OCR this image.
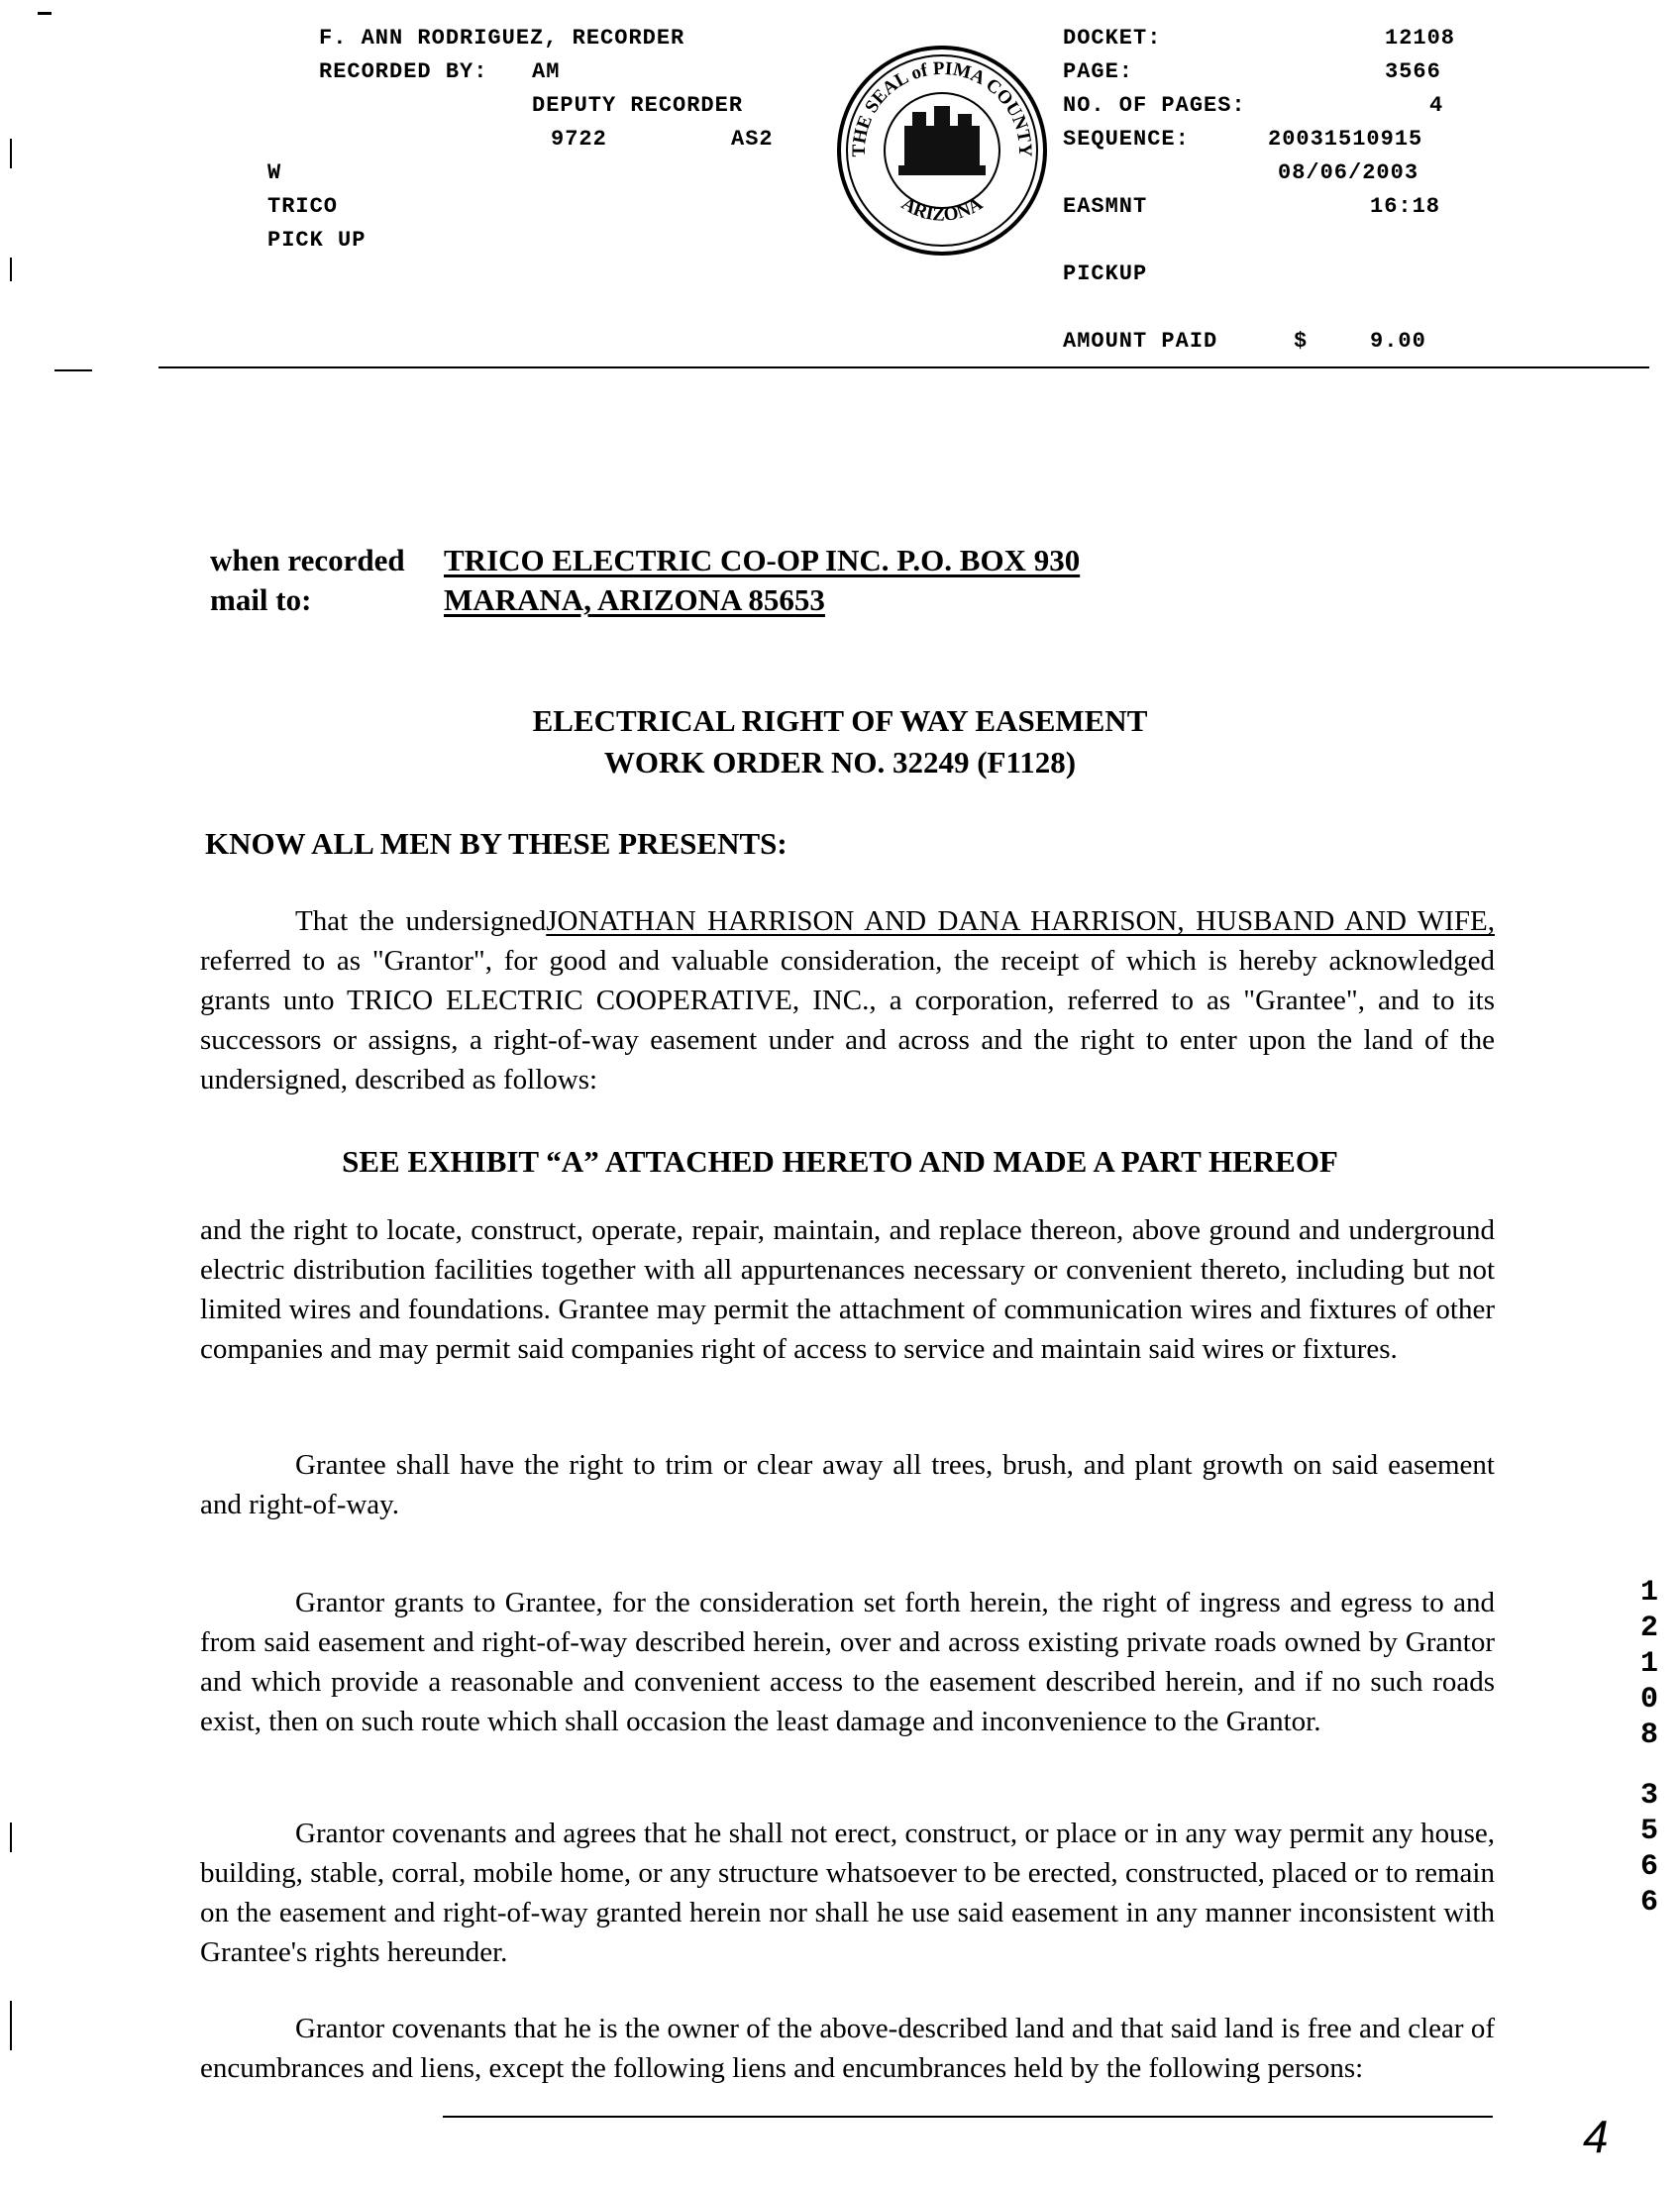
F. ANN RODRIGUEZ, RECORDER
RECORDED BY: AM
DEPUTY RECORDER
9722	AS2
W
TRICO
PICK UP
THE SEAL of PIMA COUNTY
ARIZONA
DOCKET:	12108
PAGE:	3566
NO. OF PAGES:	4
SEQUENCE:	20031510915
08/06/2003
EASMNT	16:18
PICKUP
AMOUNT PAID	$	9.00
when recorded
mail to:
TRICO ELECTRIC CO-OP INC. P.O. BOX 930
MARANA, ARIZONA 85653
ELECTRICAL RIGHT OF WAY EASEMENT
WORK ORDER NO. 32249 (F1128)
KNOW ALL MEN BY THESE PRESENTS:
That the undersignedJONATHAN HARRISON AND DANA HARRISON, HUSBAND AND WIFE, referred to as "Grantor", for good and valuable consideration, the receipt of which is hereby acknowledged grants unto TRICO ELECTRIC COOPERATIVE, INC., a corporation, referred to as "Grantee", and to its successors or assigns, a right-of-way easement under and across and the right to enter upon the land of the undersigned, described as follows:
SEE EXHIBIT “A” ATTACHED HERETO AND MADE A PART HEREOF
and the right to locate, construct, operate, repair, maintain, and replace thereon, above ground and underground electric distribution facilities together with all appurtenances necessary or convenient thereto, including but not limited wires and foundations. Grantee may permit the attachment of communication wires and fixtures of other companies and may permit said companies right of access to service and maintain said wires or fixtures.
Grantee shall have the right to trim or clear away all trees, brush, and plant growth on said easement and right-of-way.
Grantor grants to Grantee, for the consideration set forth herein, the right of ingress and egress to and from said easement and right-of-way described herein, over and across existing private roads owned by Grantor and which provide a reasonable and convenient access to the easement described herein, and if no such roads exist, then on such route which shall occasion the least damage and inconvenience to the Grantor.
Grantor covenants and agrees that he shall not erect, construct, or place or in any way permit any house, building, stable, corral, mobile home, or any structure whatsoever to be erected, constructed, placed or to remain on the easement and right-of-way granted herein nor shall he use said easement in any manner inconsistent with Grantee's rights hereunder.
Grantor covenants that he is the owner of the above-described land and that said land is free and clear of encumbrances and liens, except the following liens and encumbrances held by the following persons:
1
2
1
0
8
3
5
6
6
4
